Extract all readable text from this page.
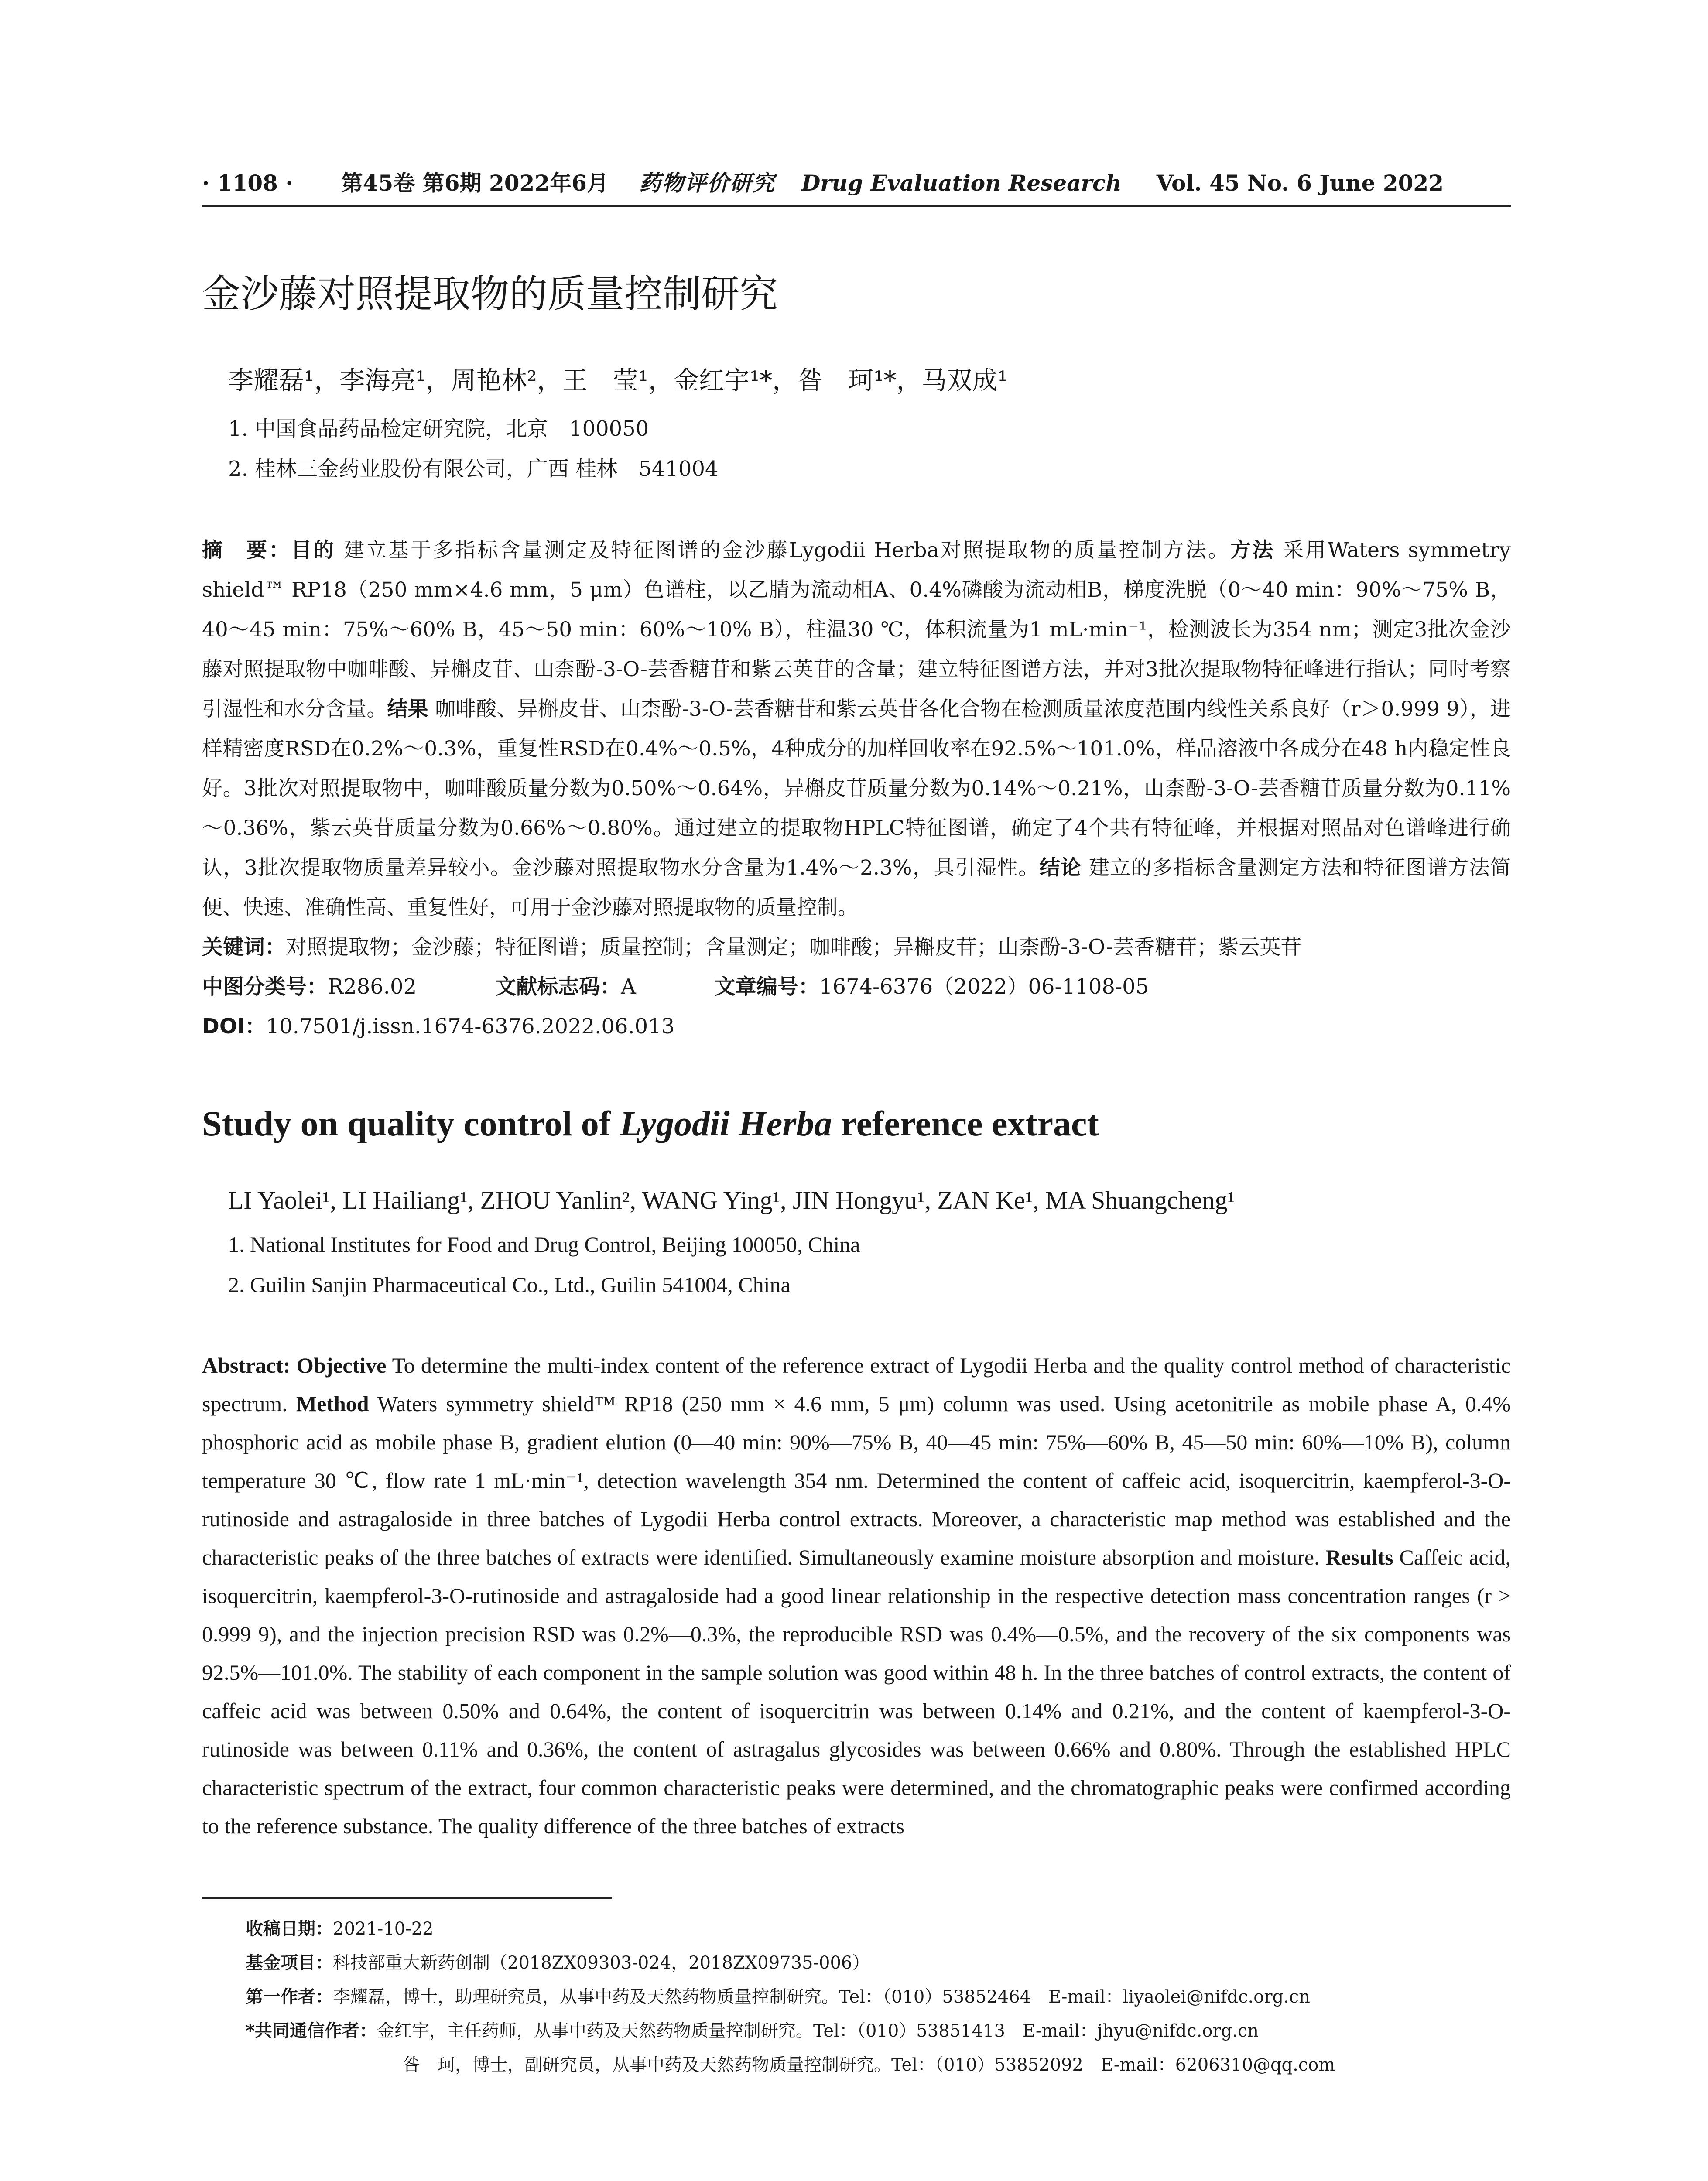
· 1108 · 第45卷 第6期 2022年6月 药物评价研究 Drug Evaluation Research Vol. 45 No. 6 June 2022
金沙藤对照提取物的质量控制研究
李耀磊¹，李海亮¹，周艳林²，王　莹¹，金红宇¹*，昝　珂¹*，马双成¹
1. 中国食品药品检定研究院，北京　100050
2. 桂林三金药业股份有限公司，广西 桂林　541004
摘　要：目的 建立基于多指标含量测定及特征图谱的金沙藤Lygodii Herba对照提取物的质量控制方法。方法 采用Waters symmetry shield™ RP18（250 mm×4.6 mm，5 μm）色谱柱，以乙腈为流动相A、0.4%磷酸为流动相B，梯度洗脱（0～40 min：90%～75% B，40～45 min：75%～60% B，45～50 min：60%～10% B），柱温30 ℃，体积流量为1 mL·min⁻¹，检测波长为354 nm；测定3批次金沙藤对照提取物中咖啡酸、异槲皮苷、山柰酚-3-O-芸香糖苷和紫云英苷的含量；建立特征图谱方法，并对3批次提取物特征峰进行指认；同时考察引湿性和水分含量。结果 咖啡酸、异槲皮苷、山柰酚-3-O-芸香糖苷和紫云英苷各化合物在检测质量浓度范围内线性关系良好（r＞0.999 9），进样精密度RSD在0.2%～0.3%，重复性RSD在0.4%～0.5%，4种成分的加样回收率在92.5%～101.0%，样品溶液中各成分在48 h内稳定性良好。3批次对照提取物中，咖啡酸质量分数为0.50%～0.64%，异槲皮苷质量分数为0.14%～0.21%，山柰酚-3-O-芸香糖苷质量分数为0.11%～0.36%，紫云英苷质量分数为0.66%～0.80%。通过建立的提取物HPLC特征图谱，确定了4个共有特征峰，并根据对照品对色谱峰进行确认，3批次提取物质量差异较小。金沙藤对照提取物水分含量为1.4%～2.3%，具引湿性。结论 建立的多指标含量测定方法和特征图谱方法简便、快速、准确性高、重复性好，可用于金沙藤对照提取物的质量控制。
关键词：对照提取物；金沙藤；特征图谱；质量控制；含量测定；咖啡酸；异槲皮苷；山柰酚-3-O-芸香糖苷；紫云英苷
中图分类号：R286.02	文献标志码：A	文章编号：1674-6376（2022）06-1108-05
DOI：10.7501/j.issn.1674-6376.2022.06.013
Study on quality control of Lygodii Herba reference extract
LI Yaolei¹, LI Hailiang¹, ZHOU Yanlin², WANG Ying¹, JIN Hongyu¹, ZAN Ke¹, MA Shuangcheng¹
1. National Institutes for Food and Drug Control, Beijing 100050, China
2. Guilin Sanjin Pharmaceutical Co., Ltd., Guilin 541004, China
Abstract: Objective To determine the multi-index content of the reference extract of Lygodii Herba and the quality control method of characteristic spectrum. Method Waters symmetry shield™ RP18 (250 mm × 4.6 mm, 5 μm) column was used. Using acetonitrile as mobile phase A, 0.4% phosphoric acid as mobile phase B, gradient elution (0—40 min: 90%—75% B, 40—45 min: 75%—60% B, 45—50 min: 60%—10% B), column temperature 30 ℃, flow rate 1 mL·min⁻¹, detection wavelength 354 nm. Determined the content of caffeic acid, isoquercitrin, kaempferol-3-O-rutinoside and astragaloside in three batches of Lygodii Herba control extracts. Moreover, a characteristic map method was established and the characteristic peaks of the three batches of extracts were identified. Simultaneously examine moisture absorption and moisture. Results Caffeic acid, isoquercitrin, kaempferol-3-O-rutinoside and astragaloside had a good linear relationship in the respective detection mass concentration ranges (r > 0.999 9), and the injection precision RSD was 0.2%—0.3%, the reproducible RSD was 0.4%—0.5%, and the recovery of the six components was 92.5%—101.0%. The stability of each component in the sample solution was good within 48 h. In the three batches of control extracts, the content of caffeic acid was between 0.50% and 0.64%, the content of isoquercitrin was between 0.14% and 0.21%, and the content of kaempferol-3-O-rutinoside was between 0.11% and 0.36%, the content of astragalus glycosides was between 0.66% and 0.80%. Through the established HPLC characteristic spectrum of the extract, four common characteristic peaks were determined, and the chromatographic peaks were confirmed according to the reference substance. The quality difference of the three batches of extracts
收稿日期：2021-10-22
基金项目：科技部重大新药创制（2018ZX09303-024，2018ZX09735-006）
第一作者：李耀磊，博士，助理研究员，从事中药及天然药物质量控制研究。Tel：（010）53852464　E-mail：liyaolei@nifdc.org.cn
*共同通信作者：金红宇，主任药师，从事中药及天然药物质量控制研究。Tel：（010）53851413　E-mail：jhyu@nifdc.org.cn
昝　珂，博士，副研究员，从事中药及天然药物质量控制研究。Tel：（010）53852092　E-mail：6206310@qq.com
